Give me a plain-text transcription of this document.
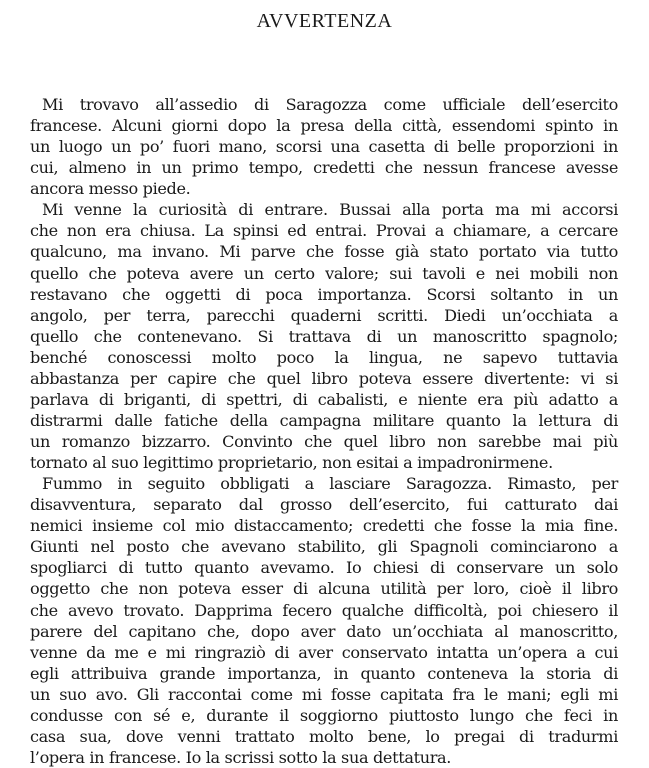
AVVERTENZA
Mi trovavo all’assedio di Saragozza come ufficiale dell’esercito
francese. Alcuni giorni dopo la presa della città, essendomi spinto in
un luogo un po’ fuori mano, scorsi una casetta di belle proporzioni in
cui, almeno in un primo tempo, credetti che nessun francese avesse
ancora messo piede.
Mi venne la curiosità di entrare. Bussai alla porta ma mi accorsi
che non era chiusa. La spinsi ed entrai. Provai a chiamare, a cercare
qualcuno, ma invano. Mi parve che fosse già stato portato via tutto
quello che poteva avere un certo valore; sui tavoli e nei mobili non
restavano che oggetti di poca importanza. Scorsi soltanto in un
angolo, per terra, parecchi quaderni scritti. Diedi un’occhiata a
quello che contenevano. Si trattava di un manoscritto spagnolo;
benché conoscessi molto poco la lingua, ne sapevo tuttavia
abbastanza per capire che quel libro poteva essere divertente: vi si
parlava di briganti, di spettri, di cabalisti, e niente era più adatto a
distrarmi dalle fatiche della campagna militare quanto la lettura di
un romanzo bizzarro. Convinto che quel libro non sarebbe mai più
tornato al suo legittimo proprietario, non esitai a impadronirmene.
Fummo in seguito obbligati a lasciare Saragozza. Rimasto, per
disavventura, separato dal grosso dell’esercito, fui catturato dai
nemici insieme col mio distaccamento; credetti che fosse la mia fine.
Giunti nel posto che avevano stabilito, gli Spagnoli cominciarono a
spogliarci di tutto quanto avevamo. Io chiesi di conservare un solo
oggetto che non poteva esser di alcuna utilità per loro, cioè il libro
che avevo trovato. Dapprima fecero qualche difficoltà, poi chiesero il
parere del capitano che, dopo aver dato un’occhiata al manoscritto,
venne da me e mi ringraziò di aver conservato intatta un’opera a cui
egli attribuiva grande importanza, in quanto conteneva la storia di
un suo avo. Gli raccontai come mi fosse capitata fra le mani; egli mi
condusse con sé e, durante il soggiorno piuttosto lungo che feci in
casa sua, dove venni trattato molto bene, lo pregai di tradurmi
l’opera in francese. Io la scrissi sotto la sua dettatura.
